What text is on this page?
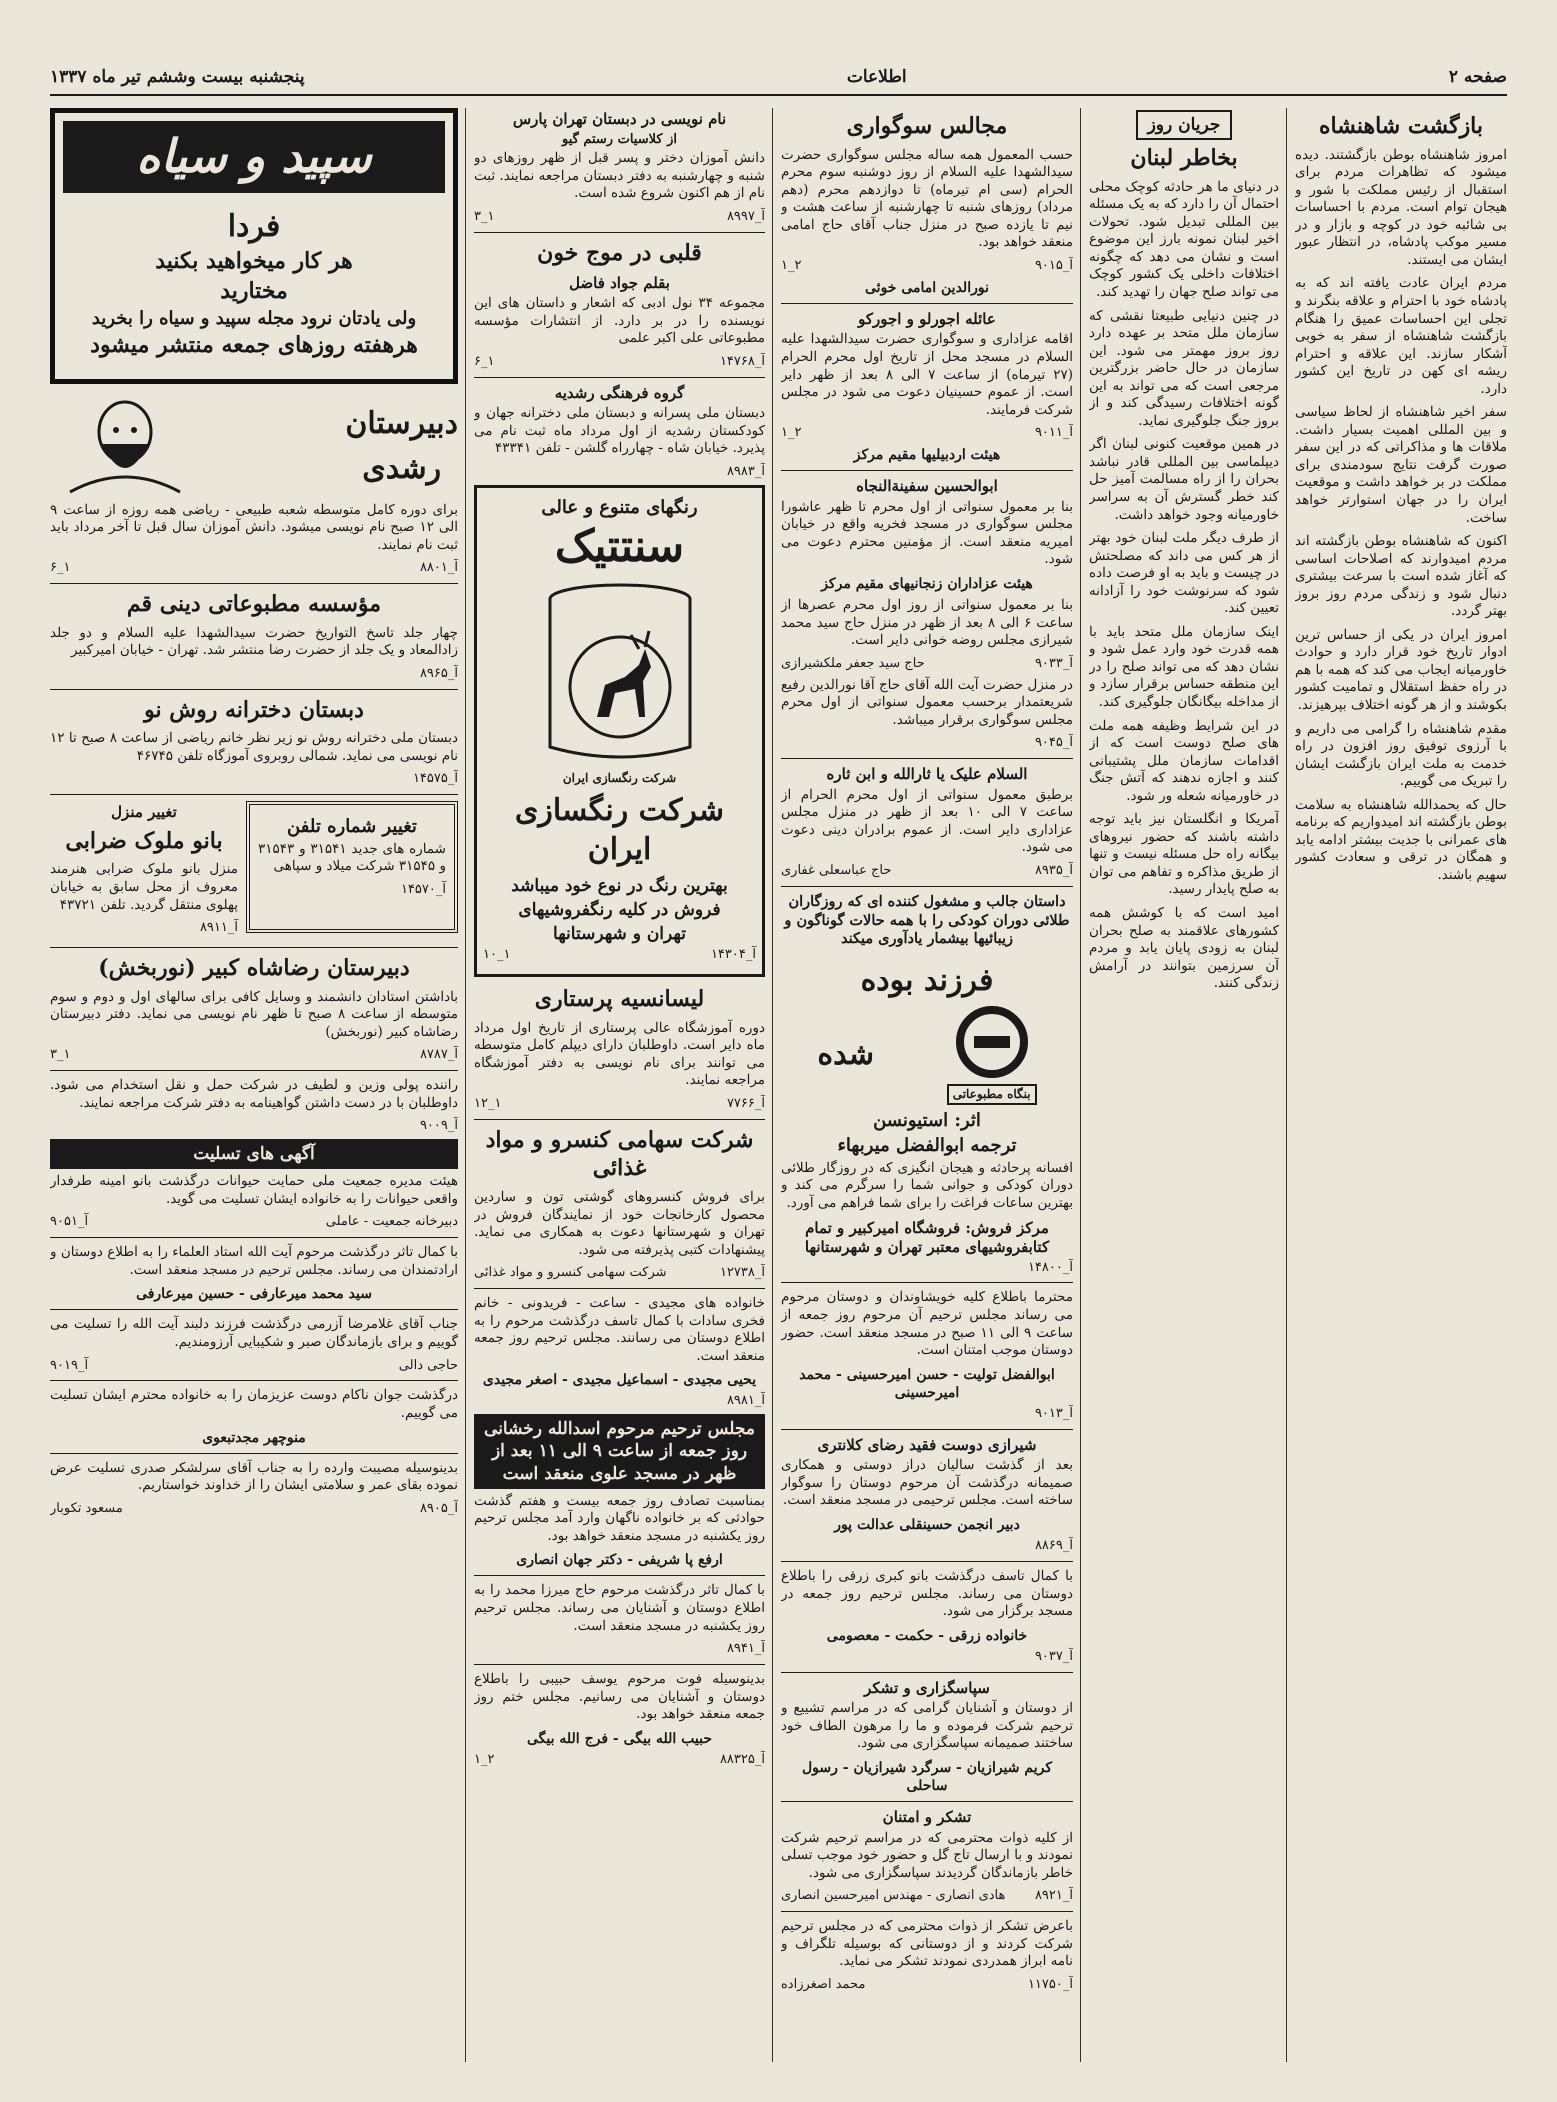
صفحه ۲
اطلاعات
پنجشنبه بیست وششم تیر ماه ۱۳۳۷
بازگشت شاهنشاه

امروز شاهنشاه بوطن بازگشتند. دیده میشود که تظاهرات مردم برای استقبال از رئیس مملکت با شور و هیجان توام است. مردم با احساسات بی شائبه خود در کوچه و بازار و در مسیر موکب پادشاه، در انتظار عبور ایشان می ایستند.

مردم ایران عادت یافته اند که به پادشاه خود با احترام و علاقه بنگرند و تجلی این احساسات عمیق را هنگام بازگشت شاهنشاه از سفر به خوبی آشکار سازند. این علاقه و احترام ریشه ای کهن در تاریخ این کشور دارد.

سفر اخیر شاهنشاه از لحاظ سیاسی و بین المللی اهمیت بسیار داشت. ملاقات ها و مذاکراتی که در این سفر صورت گرفت نتایج سودمندی برای مملکت در بر خواهد داشت و موقعیت ایران را در جهان استوارتر خواهد ساخت.

اکنون که شاهنشاه بوطن بازگشته اند مردم امیدوارند که اصلاحات اساسی که آغاز شده است با سرعت بیشتری دنبال شود و زندگی مردم روز بروز بهتر گردد.

امروز ایران در یکی از حساس ترین ادوار تاریخ خود قرار دارد و حوادث خاورمیانه ایجاب می کند که همه با هم در راه حفظ استقلال و تمامیت کشور بکوشند و از هر گونه اختلاف بپرهیزند.

مقدم شاهنشاه را گرامی می داریم و با آرزوی توفیق روز افزون در راه خدمت به ملت ایران بازگشت ایشان را تبریک می گوییم.

حال که بحمدالله شاهنشاه به سلامت بوطن بازگشته اند امیدواریم که برنامه های عمرانی با جدیت بیشتر ادامه یابد و همگان در ترقی و سعادت کشور سهیم باشند.

جریان روز
بخاطر لبنان

در دنیای ما هر حادثه کوچک محلی احتمال آن را دارد که به یک مسئله بین المللی تبدیل شود. تحولات اخیر لبنان نمونه بارز این موضوع است و نشان می دهد که چگونه اختلافات داخلی یک کشور کوچک می تواند صلح جهان را تهدید کند.

در چنین دنیایی طبیعتا نقشی که سازمان ملل متحد بر عهده دارد روز بروز مهمتر می شود. این سازمان در حال حاضر بزرگترین مرجعی است که می تواند به این گونه اختلافات رسیدگی کند و از بروز جنگ جلوگیری نماید.

در همین موقعیت کنونی لبنان اگر دیپلماسی بین المللی قادر نباشد بحران را از راه مسالمت آمیز حل کند خطر گسترش آن به سراسر خاورمیانه وجود خواهد داشت.

از طرف دیگر ملت لبنان خود بهتر از هر کس می داند که مصلحتش در چیست و باید به او فرصت داده شود که سرنوشت خود را آزادانه تعیین کند.

اینک سازمان ملل متحد باید با همه قدرت خود وارد عمل شود و نشان دهد که می تواند صلح را در این منطقه حساس برقرار سازد و از مداخله بیگانگان جلوگیری کند.

در این شرایط وظیفه همه ملت های صلح دوست است که از اقدامات سازمان ملل پشتیبانی کنند و اجازه ندهند که آتش جنگ در خاورمیانه شعله ور شود.

آمریکا و انگلستان نیز باید توجه داشته باشند که حضور نیروهای بیگانه راه حل مسئله نیست و تنها از طریق مذاکره و تفاهم می توان به صلح پایدار رسید.

امید است که با کوشش همه کشورهای علاقمند به صلح بحران لبنان به زودی پایان یابد و مردم آن سرزمین بتوانند در آرامش زندگی کنند.

مجالس سوگواری

حسب المعمول همه ساله مجلس سوگواری حضرت سیدالشهدا علیه السلام از روز دوشنبه سوم محرم الحرام (سی ام تیرماه) تا دوازدهم محرم (دهم مرداد) روزهای شنبه تا چهارشنبه از ساعت هشت و نیم تا یازده صبح در منزل جناب آقای حاج امامی منعقد خواهد بود.

آ_۹۰۱۵
۲_۱
نورالدین امامی خوئی
عائله اجورلو و اجورکو

اقامه عزاداری و سوگواری حضرت سیدالشهدا علیه السلام در مسجد محل از تاریخ اول محرم الحرام (۲۷ تیرماه) از ساعت ۷ الی ۸ بعد از ظهر دایر است. از عموم حسینیان دعوت می شود در مجلس شرکت فرمایند.

آ_۹۰۱۱
۲_۱
هیئت اردبیلیها مقیم مرکز
ابوالحسین سفینةالنجاه

بنا بر معمول سنواتی از اول محرم تا ظهر عاشورا مجلس سوگواری در مسجد فخریه واقع در خیابان امیریه منعقد است. از مؤمنین محترم دعوت می شود.

هیئت عزاداران زنجانیهای مقیم مرکز

بنا بر معمول سنواتی از روز اول محرم عصرها از ساعت ۶ الی ۸ بعد از ظهر در منزل حاج سید محمد شیرازی مجلس روضه خوانی دایر است.

آ_۹۰۳۳
حاج سید جعفر ملکشیرازی

در منزل حضرت آیت الله آقای حاج آقا نورالدین رفیع شریعتمدار برحسب معمول سنواتی از اول محرم مجلس سوگواری برقرار میباشد.

آ_۹۰۴۵
السلام علیک یا ثارالله و ابن ثاره

برطبق معمول سنواتی از اول محرم الحرام از ساعت ۷ الی ۱۰ بعد از ظهر در منزل مجلس عزاداری دایر است. از عموم برادران دینی دعوت می شود.

آ_۸۹۳۵
حاج عباسعلی غفاری
داستان جالب و مشغول کننده ای که روزگاران طلائی دوران کودکی را با همه حالات گوناگون و زیبائیها بیشمار یادآوری میکند
فرزند بوده
بنگاه مطبوعاتی
شده
اثر: استیونسن
ترجمه ابوالفضل میربهاء

افسانه پرحادثه و هیجان انگیزی که در روزگار طلائی دوران کودکی و جوانی شما را سرگرم می کند و بهترین ساعات فراغت را برای شما فراهم می آورد.

مرکز فروش: فروشگاه امیرکبیر و تمام کتابفروشیهای معتبر تهران و شهرستانها
آ_۱۴۸۰۰

محترما باطلاع کلیه خویشاوندان و دوستان مرحوم می رساند مجلس ترحیم آن مرحوم روز جمعه از ساعت ۹ الی ۱۱ صبح در مسجد منعقد است. حضور دوستان موجب امتنان است.

ابوالفضل تولیت - حسن امیرحسینی - محمد امیرحسینی
آ_۹۰۱۳
شیرازی دوست فقید رضای کلانتری

بعد از گذشت سالیان دراز دوستی و همکاری صمیمانه درگذشت آن مرحوم دوستان را سوگوار ساخته است. مجلس ترحیمی در مسجد منعقد است.

دبیر انجمن حسینقلی عدالت پور
آ_۸۸۶۹

با کمال تاسف درگذشت بانو کبری زرقی را باطلاع دوستان می رساند. مجلس ترحیم روز جمعه در مسجد برگزار می شود.

خانواده زرقی - حکمت - معصومی
آ_۹۰۳۷
سپاسگزاری و تشکر

از دوستان و آشنایان گرامی که در مراسم تشییع و ترحیم شرکت فرموده و ما را مرهون الطاف خود ساختند صمیمانه سپاسگزاری می شود.

کریم شیرازیان - سرگرد شیرازیان - رسول ساحلی
تشکر و امتنان

از کلیه ذوات محترمی که در مراسم ترحیم شرکت نمودند و با ارسال تاج گل و حضور خود موجب تسلی خاطر بازماندگان گردیدند سپاسگزاری می شود.

آ_۸۹۲۱
هادی انصاری - مهندس امیرحسین انصاری

باعرض تشکر از ذوات محترمی که در مجلس ترحیم شرکت کردند و از دوستانی که بوسیله تلگراف و نامه ابراز همدردی نمودند تشکر می نماید.

آ_۱۱۷۵۰
محمد اصغرزاده
نام نویسی در دبستان تهران پارس
از کلاسیات رستم گیو

دانش آموزان دختر و پسر قبل از ظهر روزهای دو شنبه و چهارشنبه به دفتر دبستان مراجعه نمایند. ثبت نام از هم اکنون شروع شده است.

آ_۸۹۹۷
۱_۳
قلبی در موج خون
بقلم جواد فاضل

مجموعه ۳۴ نول ادبی که اشعار و داستان های این نویسنده را در بر دارد. از انتشارات مؤسسه مطبوعاتی علی اکبر علمی

آ_۱۴۷۶۸
۱_۶
گروه فرهنگی رشدیه

دبستان ملی پسرانه و دبستان ملی دخترانه جهان و کودکستان رشدیه از اول مرداد ماه ثبت نام می پذیرد. خیابان شاه - چهارراه گلشن - تلفن ۴۳۳۴۱

آ_۸۹۸۳
رنگهای متنوع و عالی
سنتتیک
شرکت رنگسازی ایران
شرکت رنگسازی ایران
بهترین رنگ در نوع خود میباشد
فروش در کلیه رنگفروشیهای
تهران و شهرستانها
آ_۱۴۳۰۴
۱_۱۰
لیسانسیه پرستاری

دوره آموزشگاه عالی پرستاری از تاریخ اول مرداد ماه دایر است. داوطلبان دارای دیپلم کامل متوسطه می توانند برای نام نویسی به دفتر آموزشگاه مراجعه نمایند.

آ_۷۷۶۶
۱_۱۲
شرکت سهامی کنسرو و مواد غذائی

برای فروش کنسروهای گوشتی تون و ساردین محصول کارخانجات خود از نمایندگان فروش در تهران و شهرستانها دعوت به همکاری می نماید. پیشنهادات کتبی پذیرفته می شود.

آ_۱۲۷۳۸
شرکت سهامی کنسرو و مواد غذائی

خانواده های مجیدی - ساعت - فریدونی - خانم فخری سادات با کمال تاسف درگذشت مرحوم را به اطلاع دوستان می رسانند. مجلس ترحیم روز جمعه منعقد است.

یحیی مجیدی - اسماعیل مجیدی - اصغر مجیدی
آ_۸۹۸۱
مجلس ترحیم مرحوم اسدالله رخشانی روز جمعه از ساعت ۹ الی ۱۱ بعد از ظهر در مسجد علوی منعقد است

بمناسبت تصادف روز جمعه بیست و هفتم گذشت حوادثی که بر خانواده ناگهان وارد آمد مجلس ترحیم روز یکشنبه در مسجد منعقد خواهد بود.

ارفع پا شریفی - دکتر جهان انصاری

با کمال تاثر درگذشت مرحوم حاج میرزا محمد را به اطلاع دوستان و آشنایان می رساند. مجلس ترحیم روز یکشنبه در مسجد منعقد است.

آ_۸۹۴۱

بدینوسیله فوت مرحوم یوسف حبیبی را باطلاع دوستان و آشنایان می رسانیم. مجلس ختم روز جمعه منعقد خواهد بود.

حبیب الله بیگی - فرج الله بیگی
آ_۸۸۳۲۵
۲_۱
سپید و سیاه
فردا
هر کار میخواهید بکنید
مختارید
ولی یادتان نرود مجله سپید و سیاه را بخرید
هرهفته روزهای جمعه منتشر میشود
دبیرستان
رشدی

برای دوره کامل متوسطه شعبه طبیعی - ریاضی همه روزه از ساعت ۹ الی ۱۲ صبح نام نویسی میشود. دانش آموزان سال قبل تا آخر مرداد باید ثبت نام نمایند.

آ_۸۸۰۱
۱_۶
مؤسسه مطبوعاتی دینی قم

چهار جلد تاسخ التواریخ حضرت سیدالشهدا علیه السلام و دو جلد زادالمعاد و یک جلد از حضرت رضا منتشر شد. تهران - خیابان امیرکبیر

آ_۸۹۶۵
دبستان دخترانه روش نو

دبستان ملی دخترانه روش نو زیر نظر خانم ریاضی از ساعت ۸ صبح تا ۱۲ نام نویسی می نماید. شمالی روبروی آموزگاه تلفن ۴۶۷۴۵

آ_۱۴۵۷۵
تغییر شماره تلفن

شماره های جدید ۳۱۵۴۱ و ۳۱۵۴۳ و ۳۱۵۴۵ شرکت میلاد و سپاهی

آ_۱۴۵۷۰
تغییر منزل
بانو ملوک ضرابی

منزل بانو ملوک ضرابی هنرمند معروف از محل سابق به خیابان پهلوی منتقل گردید. تلفن ۴۳۷۲۱

آ_۸۹۱۱
دبیرستان رضاشاه کبیر (نوربخش)

باداشتن استادان دانشمند و وسایل کافی برای سالهای اول و دوم و سوم متوسطه از ساعت ۸ صبح تا ظهر نام نویسی می نماید. دفتر دبیرستان رضاشاه کبیر (نوربخش)

آ_۸۷۸۷
۱_۳

راننده پولی وزین و لطیف در شرکت حمل و نقل استخدام می شود. داوطلبان با در دست داشتن گواهینامه به دفتر شرکت مراجعه نمایند.

آ_۹۰۰۹
آگهی های تسلیت

هیئت مدیره جمعیت ملی حمایت حیوانات درگذشت بانو امینه طرفدار واقعی حیوانات را به خانواده ایشان تسلیت می گوید.

دبیرخانه جمعیت - عاملی
آ_۹۰۵۱

با کمال تاثر درگذشت مرحوم آیت الله استاد العلماء را به اطلاع دوستان و ارادتمندان می رساند. مجلس ترحیم در مسجد منعقد است.

سید محمد میرعارفی - حسین میرعارفی

جناب آقای غلامرضا آزرمی درگذشت فرزند دلبند آیت الله را تسلیت می گوییم و برای بازماندگان صبر و شکیبایی آرزومندیم.

حاجی دالی
آ_۹۰۱۹

درگذشت جوان ناکام دوست عزیزمان را به خانواده محترم ایشان تسلیت می گوییم.

منوچهر مجدتبعوی

بدینوسیله مصیبت وارده را به جناب آقای سرلشکر صدری تسلیت عرض نموده بقای عمر و سلامتی ایشان را از خداوند خواستاریم.

آ_۸۹۰۵
مسعود تکوبار
